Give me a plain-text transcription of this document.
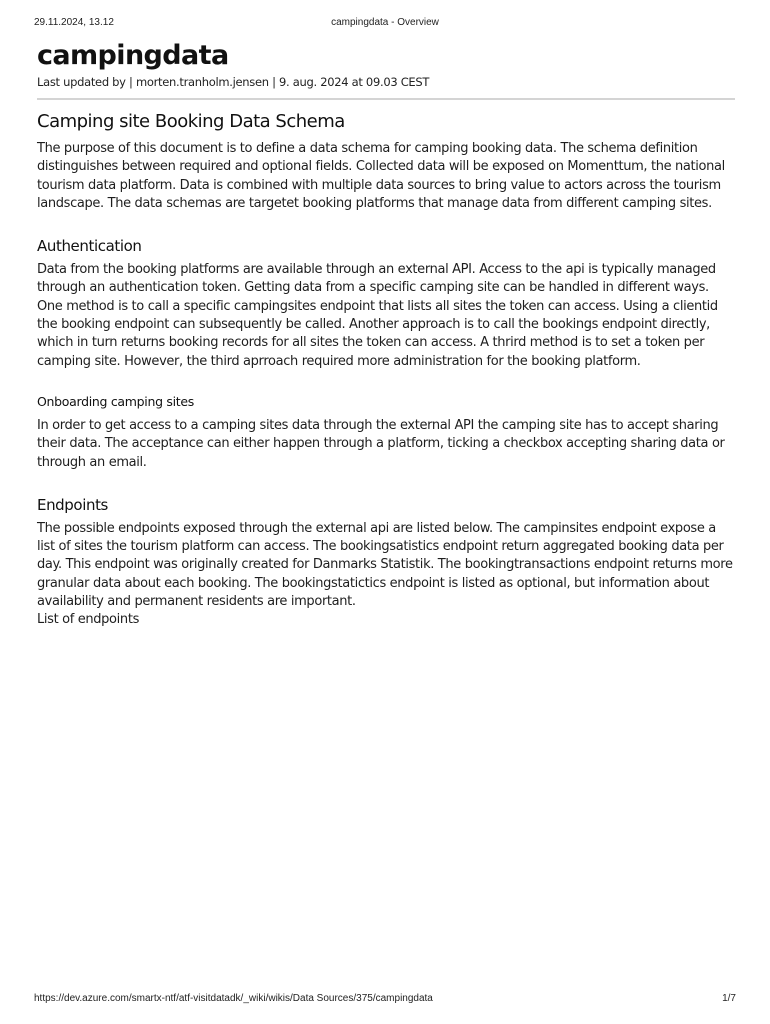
29.11.2024, 13.12	campingdata - Overview
campingdata
Last updated by | morten.tranholm.jensen | 9. aug. 2024 at 09.03 CEST
Camping site Booking Data Schema

The purpose of this document is to define a data schema for camping booking data. The schema definition distinguishes between required and optional fields. Collected data will be exposed on Momenttum, the national tourism data platform. Data is combined with multiple data sources to bring value to actors across the tourism landscape. The data schemas are targetet booking platforms that manage data from different camping sites.

Authentication

Data from the booking platforms are available through an external API. Access to the api is typically managed through an authentication token. Getting data from a specific camping site can be handled in different ways. One method is to call a specific campingsites endpoint that lists all sites the token can access. Using a clientid the booking endpoint can subsequently be called. Another approach is to call the bookings endpoint directly, which in turn returns booking records for all sites the token can access. A thrird method is to set a token per camping site. However, the third aprroach required more administration for the booking platform.

Onboarding camping sites

In order to get access to a camping sites data through the external API the camping site has to accept sharing their data. The acceptance can either happen through a platform, ticking a checkbox accepting sharing data or through an email.

Endpoints

The possible endpoints exposed through the external api are listed below. The campinsites endpoint expose a list of sites the tourism platform can access. The bookingsatistics endpoint return aggregated booking data per day. This endpoint was originally created for Danmarks Statistik. The bookingtransactions endpoint returns more granular data about each booking. The bookingstatictics endpoint is listed as optional, but information about availability and permanent residents are important.

List of endpoints

https://dev.azure.com/smartx-ntf/atf-visitdatadk/_wiki/wikis/Data Sources/375/campingdata	1/7
